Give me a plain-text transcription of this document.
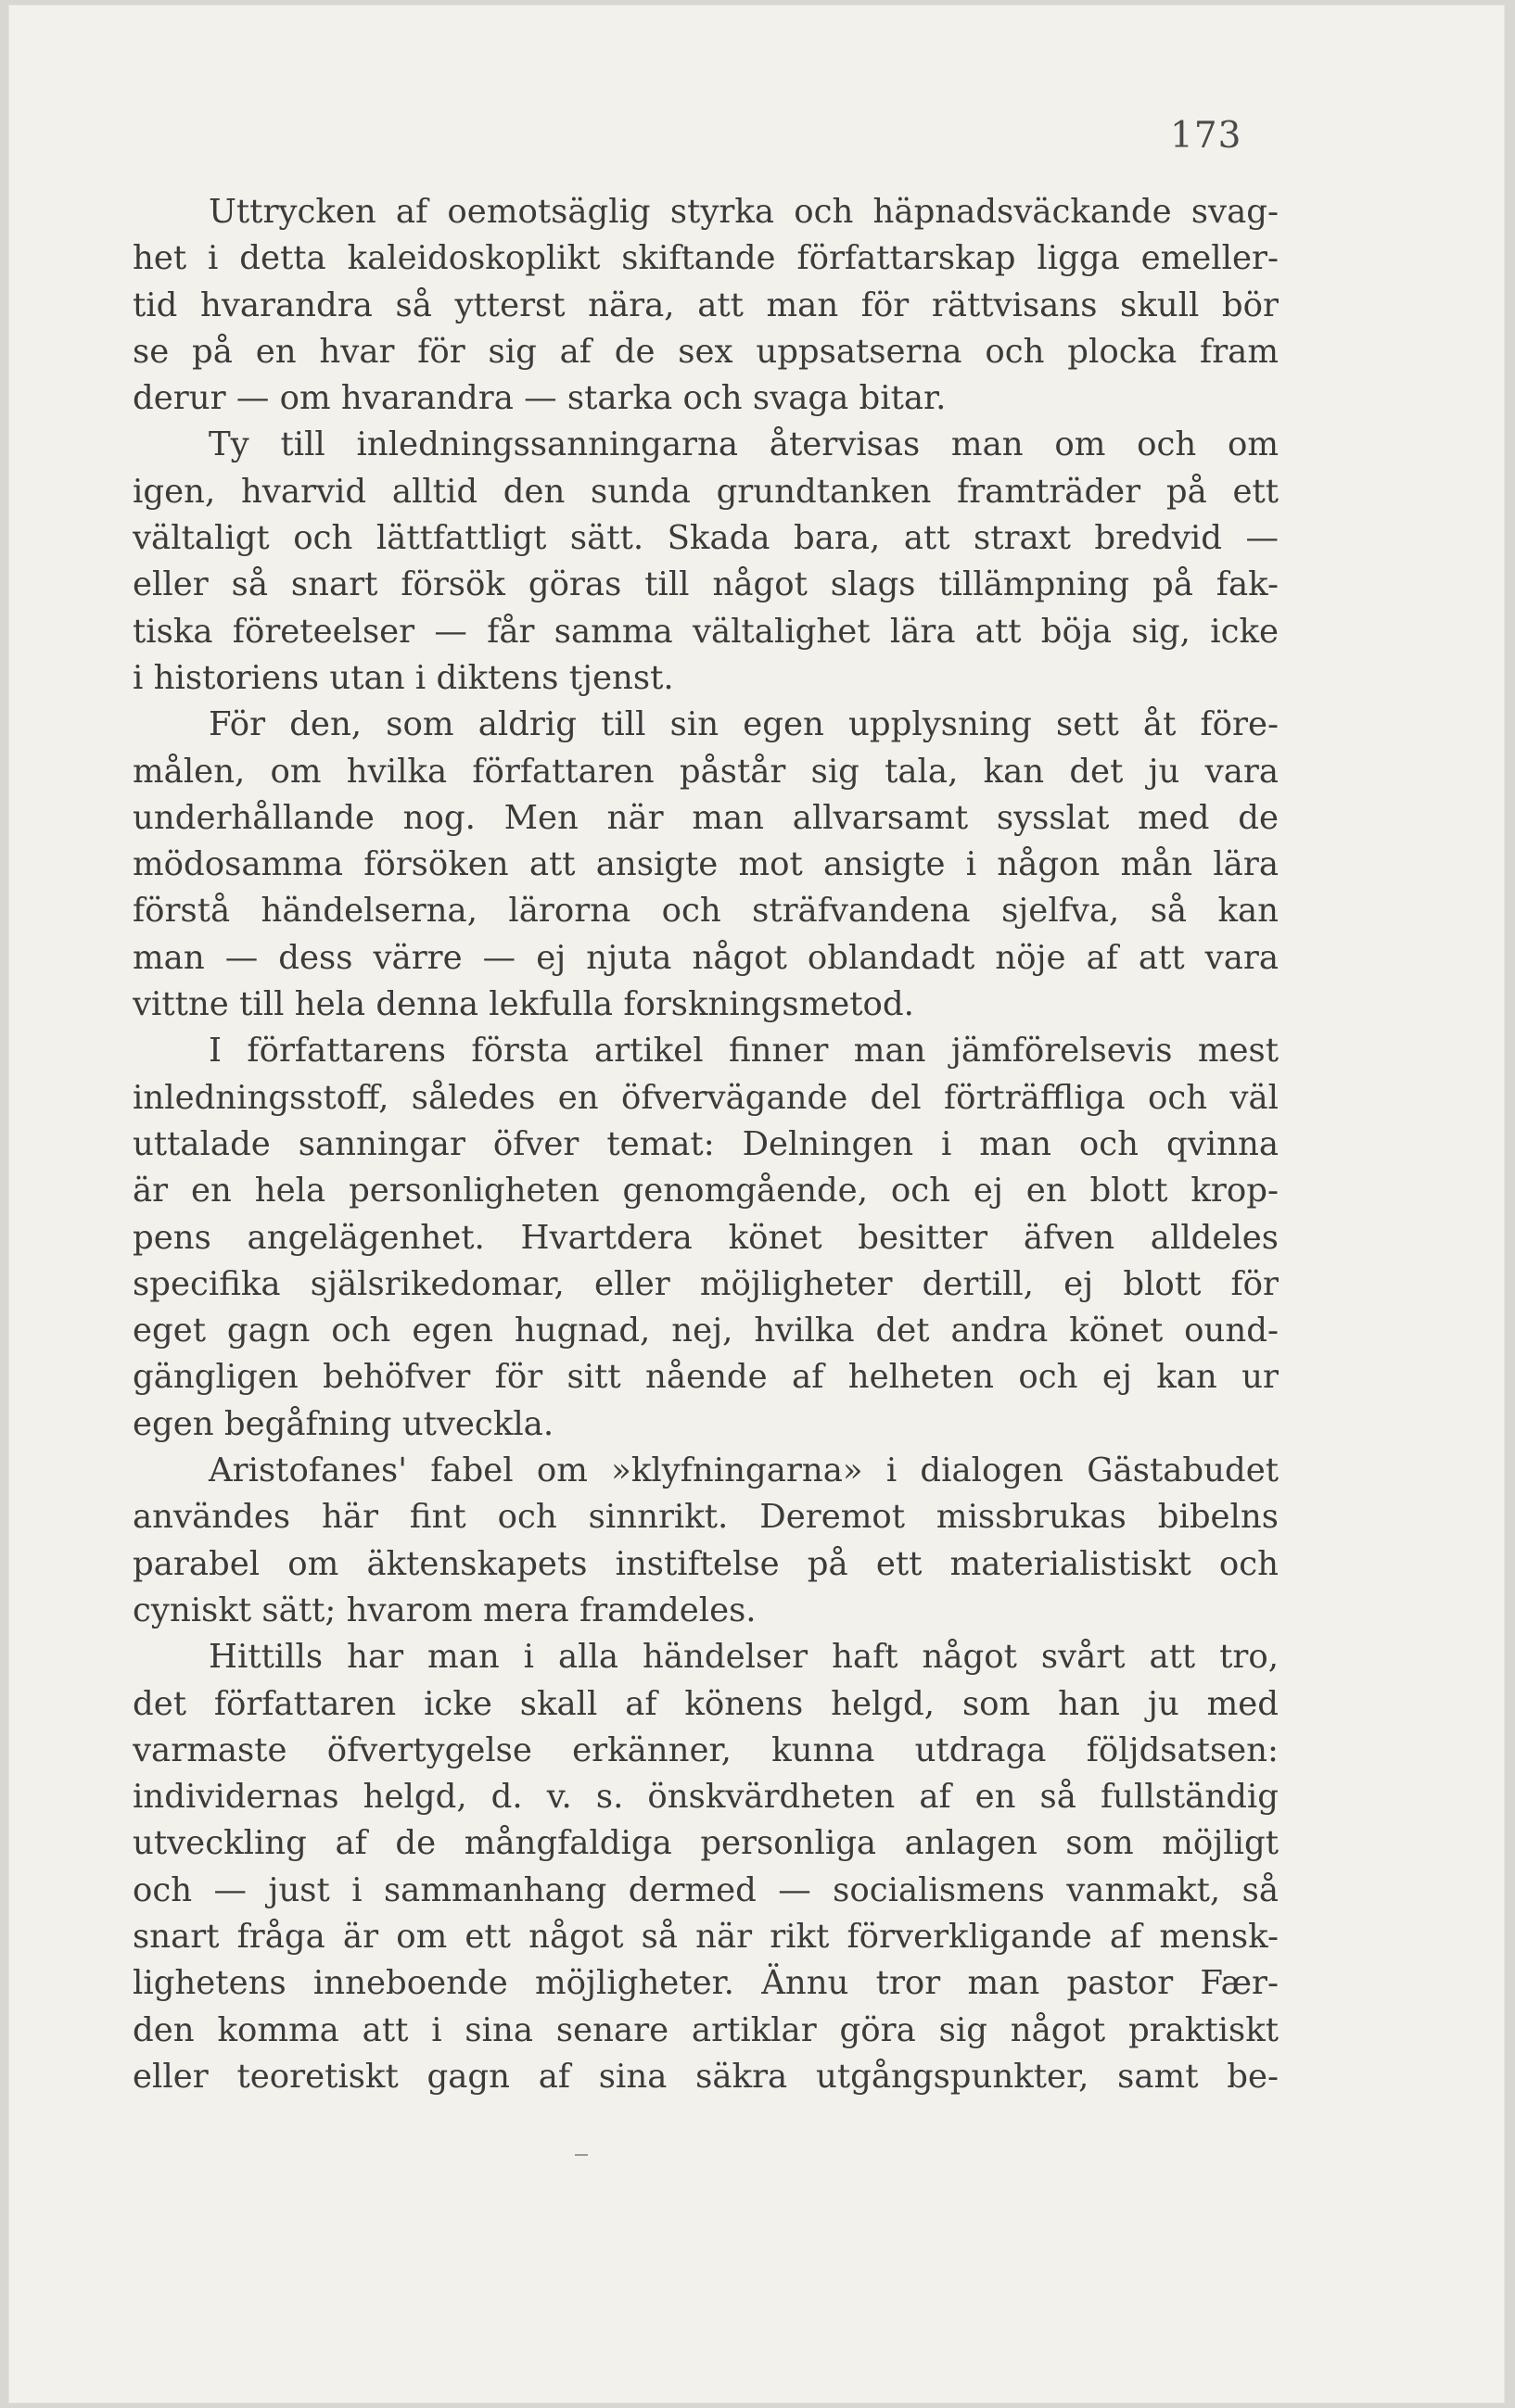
173
Uttrycken af oemotsäglig styrka och häpnadsväckande svag-
het i detta kaleidoskoplikt skiftande författarskap ligga emeller-
tid hvarandra så ytterst nära, att man för rättvisans skull bör
se på en hvar för sig af de sex uppsatserna och plocka fram
derur — om hvarandra — starka och svaga bitar.
Ty till inledningssanningarna återvisas man om och om
igen, hvarvid alltid den sunda grundtanken framträder på ett
vältaligt och lättfattligt sätt. Skada bara, att straxt bredvid —
eller så snart försök göras till något slags tillämpning på fak-
tiska företeelser — får samma vältalighet lära att böja sig, icke
i historiens utan i diktens tjenst.
För den, som aldrig till sin egen upplysning sett åt före-
målen, om hvilka författaren påstår sig tala, kan det ju vara
underhållande nog. Men när man allvarsamt sysslat med de
mödosamma försöken att ansigte mot ansigte i någon mån lära
förstå händelserna, lärorna och sträfvandena sjelfva, så kan
man — dess värre — ej njuta något oblandadt nöje af att vara
vittne till hela denna lekfulla forskningsmetod.
I författarens första artikel finner man jämförelsevis mest
inledningsstoff, således en öfvervägande del förträffliga och väl
uttalade sanningar öfver temat: Delningen i man och qvinna
är en hela personligheten genomgående, och ej en blott krop-
pens angelägenhet. Hvartdera könet besitter äfven alldeles
specifika själsrikedomar, eller möjligheter dertill, ej blott för
eget gagn och egen hugnad, nej, hvilka det andra könet ound-
gängligen behöfver för sitt nående af helheten och ej kan ur
egen begåfning utveckla.
Aristofanes' fabel om »klyfningarna» i dialogen Gästabudet
användes här fint och sinnrikt. Deremot missbrukas bibelns
parabel om äktenskapets instiftelse på ett materialistiskt och
cyniskt sätt; hvarom mera framdeles.
Hittills har man i alla händelser haft något svårt att tro,
det författaren icke skall af könens helgd, som han ju med
varmaste öfvertygelse erkänner, kunna utdraga följdsatsen:
individernas helgd, d. v. s. önskvärdheten af en så fullständig
utveckling af de mångfaldiga personliga anlagen som möjligt
och — just i sammanhang dermed — socialismens vanmakt, så
snart fråga är om ett något så när rikt förverkligande af mensk-
lighetens inneboende möjligheter. Ännu tror man pastor Fær-
den komma att i sina senare artiklar göra sig något praktiskt
eller teoretiskt gagn af sina säkra utgångspunkter, samt be-
